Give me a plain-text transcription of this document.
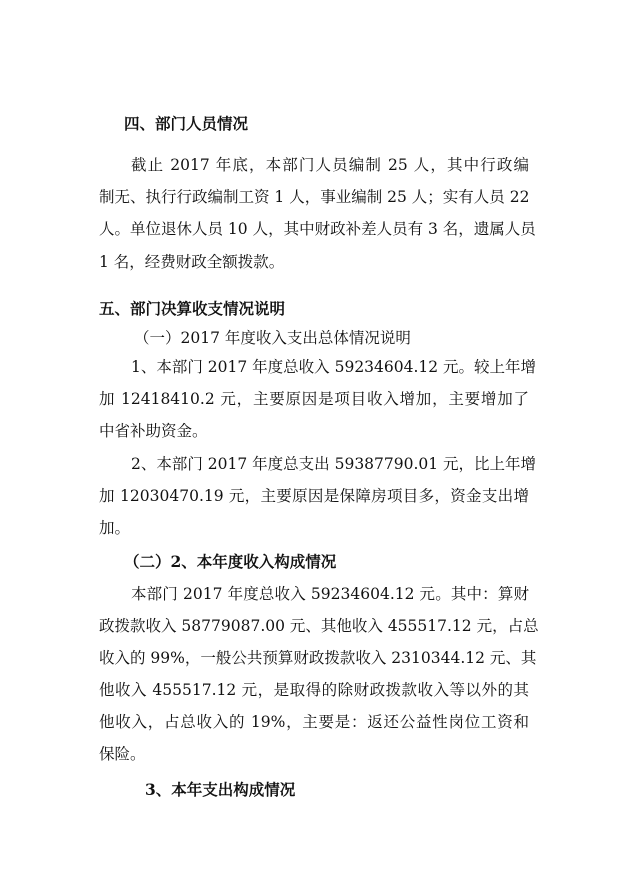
四、部门人员情况
截止 2017 年底，本部门人员编制 25 人，其中行政编
制无、执行行政编制工资 1 人，事业编制 25 人；实有人员 22
人。单位退休人员 10 人，其中财政补差人员有 3 名，遗属人员
1 名，经费财政全额拨款。
五、部门决算收支情况说明
（一）2017 年度收入支出总体情况说明
1、本部门 2017 年度总收入 59234604.12 元。较上年增
加 12418410.2 元，主要原因是项目收入增加，主要增加了
中省补助资金。
2、本部门 2017 年度总支出 59387790.01 元，比上年增
加 12030470.19 元，主要原因是保障房项目多，资金支出增
加。
（二）2、本年度收入构成情况
本部门 2017 年度总收入 59234604.12 元。其中：算财
政拨款收入 58779087.00 元、其他收入 455517.12 元，占总
收入的 99%，一般公共预算财政拨款收入 2310344.12 元、其
他收入 455517.12 元，是取得的除财政拨款收入等以外的其
他收入，占总收入的 19%，主要是：返还公益性岗位工资和
保险。
3、本年支出构成情况
